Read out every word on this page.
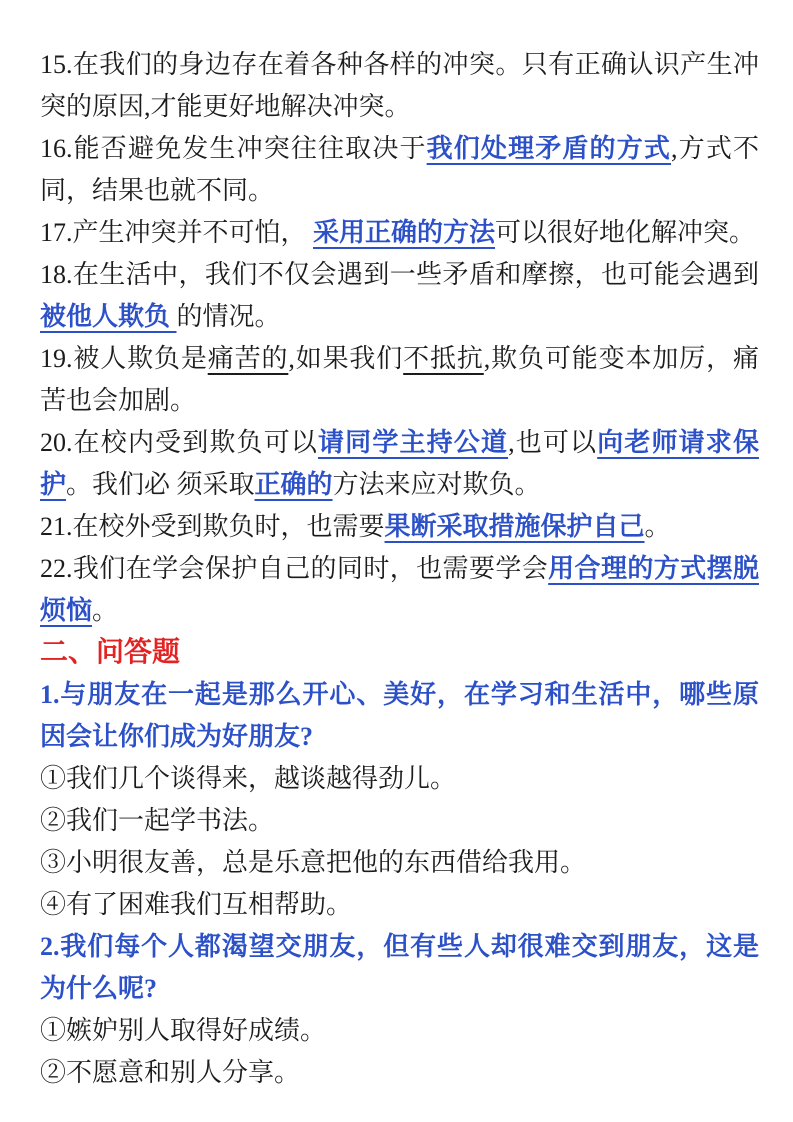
15.在我们的身边存在着各种各样的冲突。只有正确认识产生冲突的原因,才能更好地解决冲突。

16.能否避免发生冲突往往取决于我们处理矛盾的方式,方式不同，结果也就不同。

17.产生冲突并不可怕， 采用正确的方法可以很好地化解冲突。

18.在生活中，我们不仅会遇到一些矛盾和摩擦，也可能会遇到被他人欺负 的情况。

19.被人欺负是痛苦的,如果我们不抵抗,欺负可能变本加厉，痛苦也会加剧。

20.在校内受到欺负可以请同学主持公道,也可以向老师请求保护。我们必 须采取正确的方法来应对欺负。

21.在校外受到欺负时，也需要果断采取措施保护自己。

22.我们在学会保护自己的同时，也需要学会用合理的方式摆脱烦恼。

二、问答题

1.与朋友在一起是那么开心、美好，在学习和生活中，哪些原因会让你们成为好朋友?

①我们几个谈得来，越谈越得劲儿。

②我们一起学书法。

③小明很友善，总是乐意把他的东西借给我用。

④有了困难我们互相帮助。

2.我们每个人都渴望交朋友，但有些人却很难交到朋友，这是为什么呢?

①嫉妒别人取得好成绩。

②不愿意和别人分享。
